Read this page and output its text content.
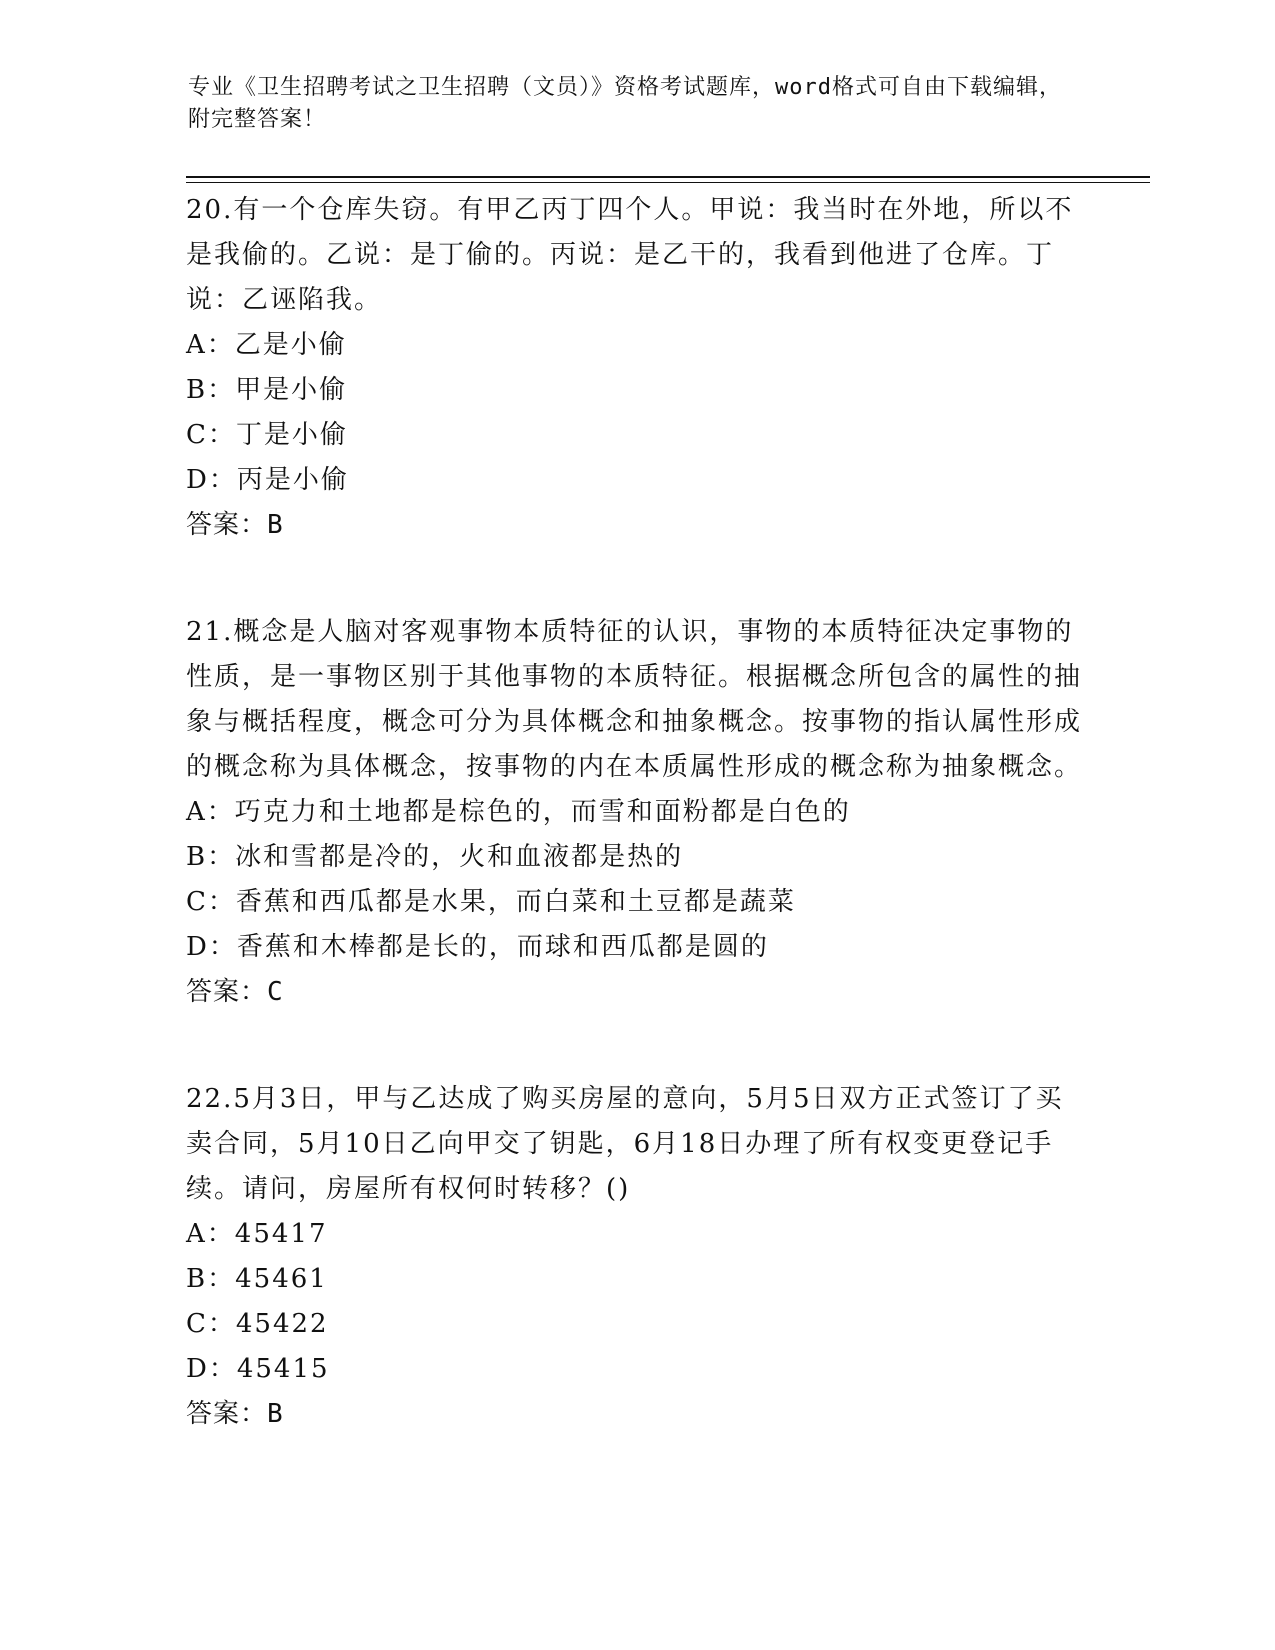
专业《卫生招聘考试之卫生招聘（文员）》资格考试题库，word格式可自由下载编辑，附完整答案！
20.有一个仓库失窃。有甲乙丙丁四个人。甲说：我当时在外地，所以不是我偷的。乙说：是丁偷的。丙说：是乙干的，我看到他进了仓库。丁说：乙诬陷我。
A：乙是小偷
B：甲是小偷
C：丁是小偷
D：丙是小偷
答案：B
21.概念是人脑对客观事物本质特征的认识，事物的本质特征决定事物的性质，是一事物区别于其他事物的本质特征。根据概念所包含的属性的抽象与概括程度，概念可分为具体概念和抽象概念。按事物的指认属性形成的概念称为具体概念，按事物的内在本质属性形成的概念称为抽象概念。
A：巧克力和土地都是棕色的，而雪和面粉都是白色的
B：冰和雪都是冷的，火和血液都是热的
C：香蕉和西瓜都是水果，而白菜和土豆都是蔬菜
D：香蕉和木棒都是长的，而球和西瓜都是圆的
答案：C
22.5月3日，甲与乙达成了购买房屋的意向，5月5日双方正式签订了买卖合同，5月10日乙向甲交了钥匙，6月18日办理了所有权变更登记手续。请问，房屋所有权何时转移？()
A：45417
B：45461
C：45422
D：45415
答案：B
